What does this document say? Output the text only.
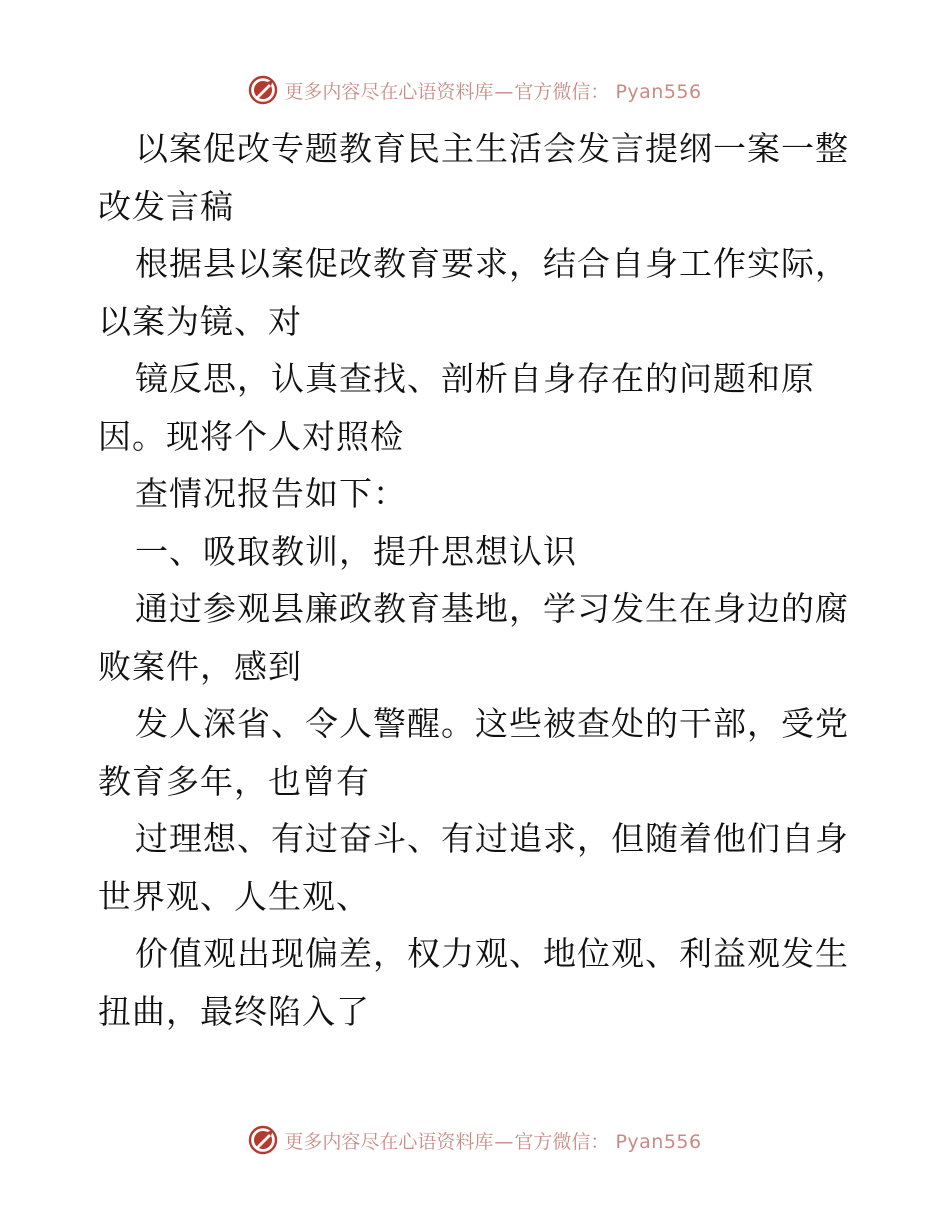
更多内容尽在心语资料库 — 官方微信 ： Pyan556

以案促改专题教育民主生活会发言提纲一案一整改发言稿

根据县以案促改教育要求，结合自身工作实际，以案为镜、对

镜反思，认真查找、剖析自身存在的问题和原因。现将个人对照检

查情况报告如下：

一、吸取教训，提升思想认识

通过参观县廉政教育基地，学习发生在身边的腐败案件，感到

发人深省、令人警醒。这些被查处的干部，受党教育多年，也曾有

过理想、有过奋斗、有过追求，但随着他们自身世界观、人生观、

价值观出现偏差，权力观、地位观、利益观发生扭曲，最终陷入了

更多内容尽在心语资料库 — 官方微信 ： Pyan556
